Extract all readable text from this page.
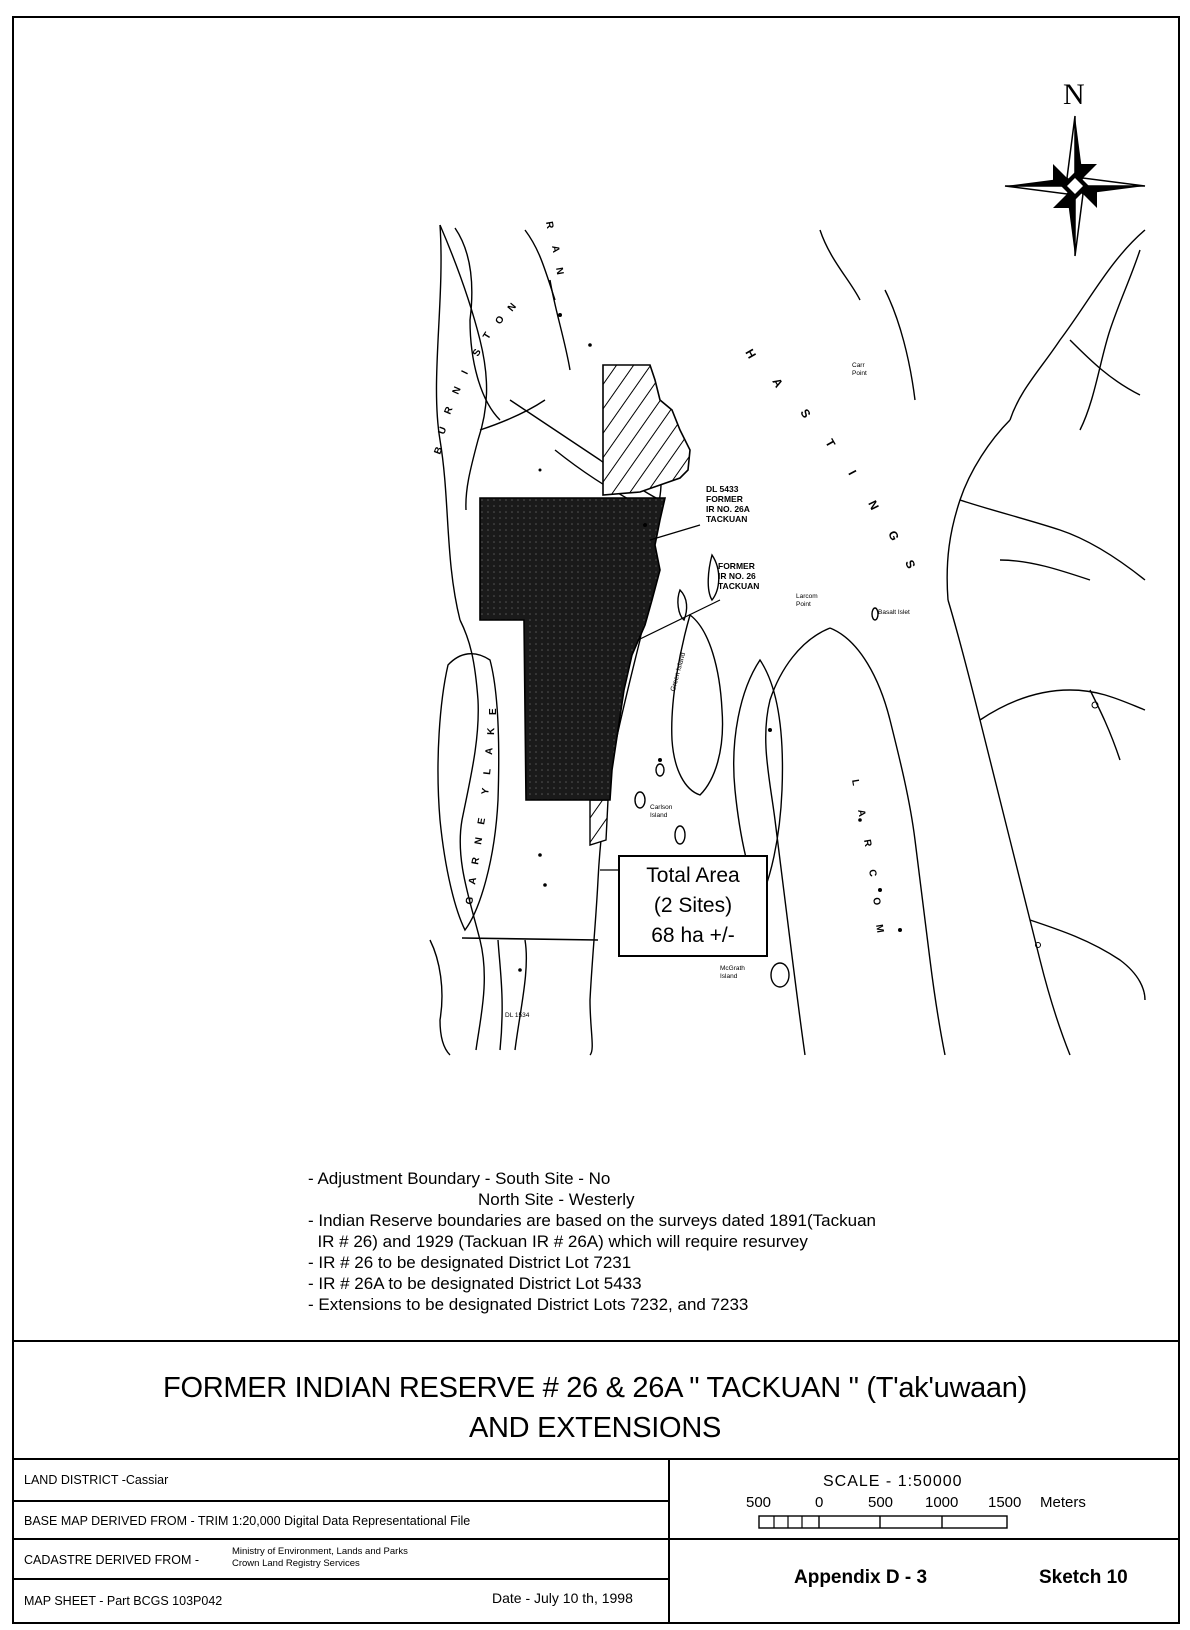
H
A
S
T
I
N
G
S
B
U
R
N
I
S
T
O
N
R
A
N
G
A
R
N
E
Y
L
A
K
E
L
A
R
C
O
M
N
DL 5433
FORMER
IR NO. 26A
TACKUAN
FORMER
IR NO. 26
TACKUAN
Carr
Point
Larcom
Point
Basalt Islet
Carlson
Island
McGrath
Island
DL 1534
Green Island
Total Area
(2 Sites)
68 ha +/-
- Adjustment Boundary - South Site - No
North Site - Westerly
- Indian Reserve boundaries are based on the surveys dated 1891(Tackuan
IR # 26) and 1929 (Tackuan IR # 26A) which will require resurvey
- IR # 26 to be designated District Lot 7231
- IR # 26A to be designated District Lot 5433
- Extensions to be designated District Lots 7232, and 7233
FORMER INDIAN RESERVE # 26 & 26A " TACKUAN " (T'ak'uwaan)
AND EXTENSIONS
LAND DISTRICT -Cassiar
BASE MAP DERIVED FROM - TRIM 1:20,000 Digital Data Representational File
CADASTRE DERIVED FROM -
Ministry of Environment, Lands and Parks
Crown Land Registry Services
MAP SHEET - Part BCGS 103P042	Date - July 10 th, 1998
SCALE - 1:50000
500	0	500 1000 1500 Meters
Appendix D - 3	Sketch 10
